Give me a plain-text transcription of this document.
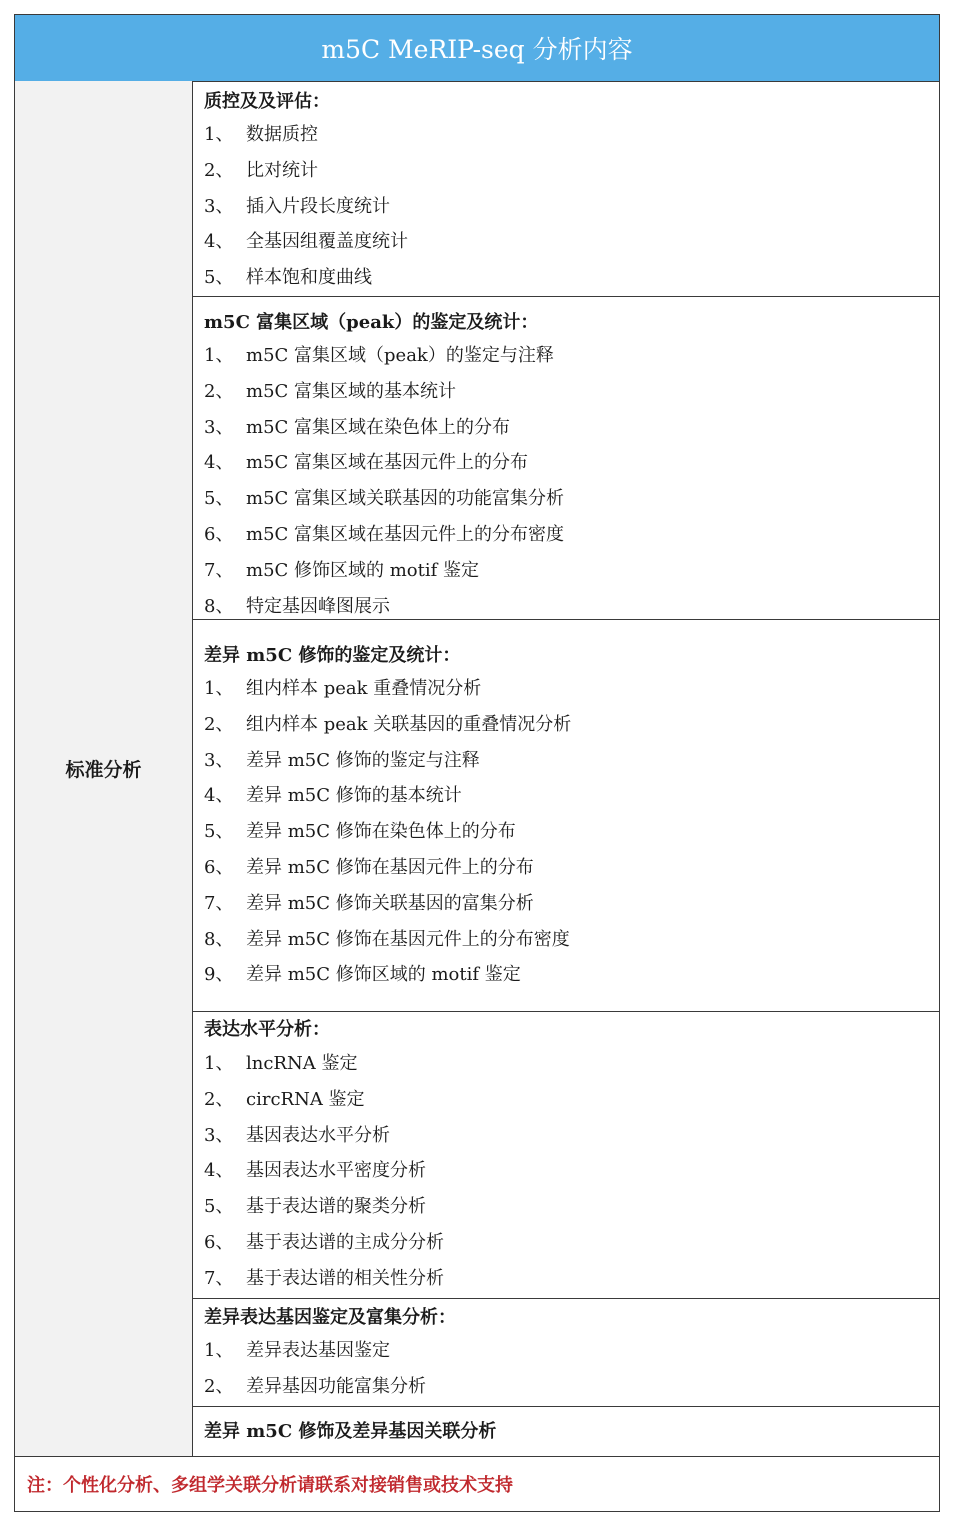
m5C MeRIP-seq 分析内容
标准分析
质控及及评估：
1、 数据质控
2、 比对统计
3、 插入片段长度统计
4、 全基因组覆盖度统计
5、 样本饱和度曲线
m5C 富集区域（peak）的鉴定及统计：
1、 m5C 富集区域（peak）的鉴定与注释
2、 m5C 富集区域的基本统计
3、 m5C 富集区域在染色体上的分布
4、 m5C 富集区域在基因元件上的分布
5、 m5C 富集区域关联基因的功能富集分析
6、 m5C 富集区域在基因元件上的分布密度
7、 m5C 修饰区域的 motif 鉴定
8、 特定基因峰图展示
差异 m5C 修饰的鉴定及统计：
1、 组内样本 peak 重叠情况分析
2、 组内样本 peak 关联基因的重叠情况分析
3、 差异 m5C 修饰的鉴定与注释
4、 差异 m5C 修饰的基本统计
5、 差异 m5C 修饰在染色体上的分布
6、 差异 m5C 修饰在基因元件上的分布
7、 差异 m5C 修饰关联基因的富集分析
8、 差异 m5C 修饰在基因元件上的分布密度
9、 差异 m5C 修饰区域的 motif 鉴定
表达水平分析：
1、 lncRNA 鉴定
2、 circRNA 鉴定
3、 基因表达水平分析
4、 基因表达水平密度分析
5、 基于表达谱的聚类分析
6、 基于表达谱的主成分分析
7、 基于表达谱的相关性分析
差异表达基因鉴定及富集分析：
1、 差异表达基因鉴定
2、 差异基因功能富集分析
差异 m5C 修饰及差异基因关联分析
注：个性化分析、多组学关联分析请联系对接销售或技术支持
